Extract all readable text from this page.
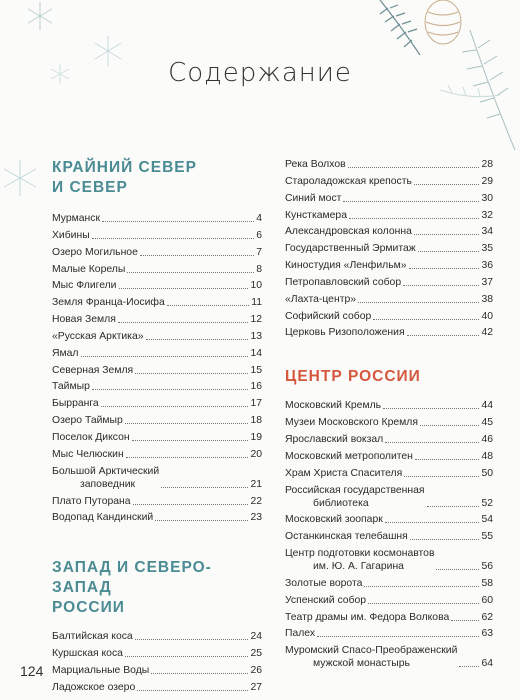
Содержание
КРАЙНИЙ СЕВЕР
И СЕВЕР
Мурманск	4
Хибины	6
Озеро Могильное	7
Малые Корелы	8
Мыс Флигели	10
Земля Франца-Иосифа	11
Новая Земля	12
«Русская Арктика»	13
Ямал	14
Северная Земля	15
Таймыр	16
Бырранга	17
Озеро Таймыр	18
Поселок Диксон	19
Мыс Челюскин	20
Большой Арктический
заповедник	21
Плато Путорана	22
Водопад Кандинский	23
ЗАПАД И СЕВЕРО-ЗАПАД
РОССИИ
Балтийская коса	24
Куршская коса	25
Марциальные Воды	26
Ладожское озеро	27
Река Волхов	28
Староладожская крепость	29
Синий мост	30
Кунсткамера	32
Александровская колонна	34
Государственный Эрмитаж	35
Киностудия «Ленфильм»	36
Петропавловский собор	37
«Лахта-центр»	38
Софийский собор	40
Церковь Ризоположения	42
ЦЕНТР РОССИИ
Московский Кремль	44
Музеи Московского Кремля	45
Ярославский вокзал	46
Московский метрополитен	48
Храм Христа Спасителя	50
Российская государственная
библиотека	52
Московский зоопарк	54
Останкинская телебашня	55
Центр подготовки космонавтов
им. Ю. А. Гагарина	56
Золотые ворота	58
Успенский собор	60
Театр драмы им. Федора Волкова	62
Палех	63
Муромский Спасо-Преображенский
мужской монастырь	64
124
